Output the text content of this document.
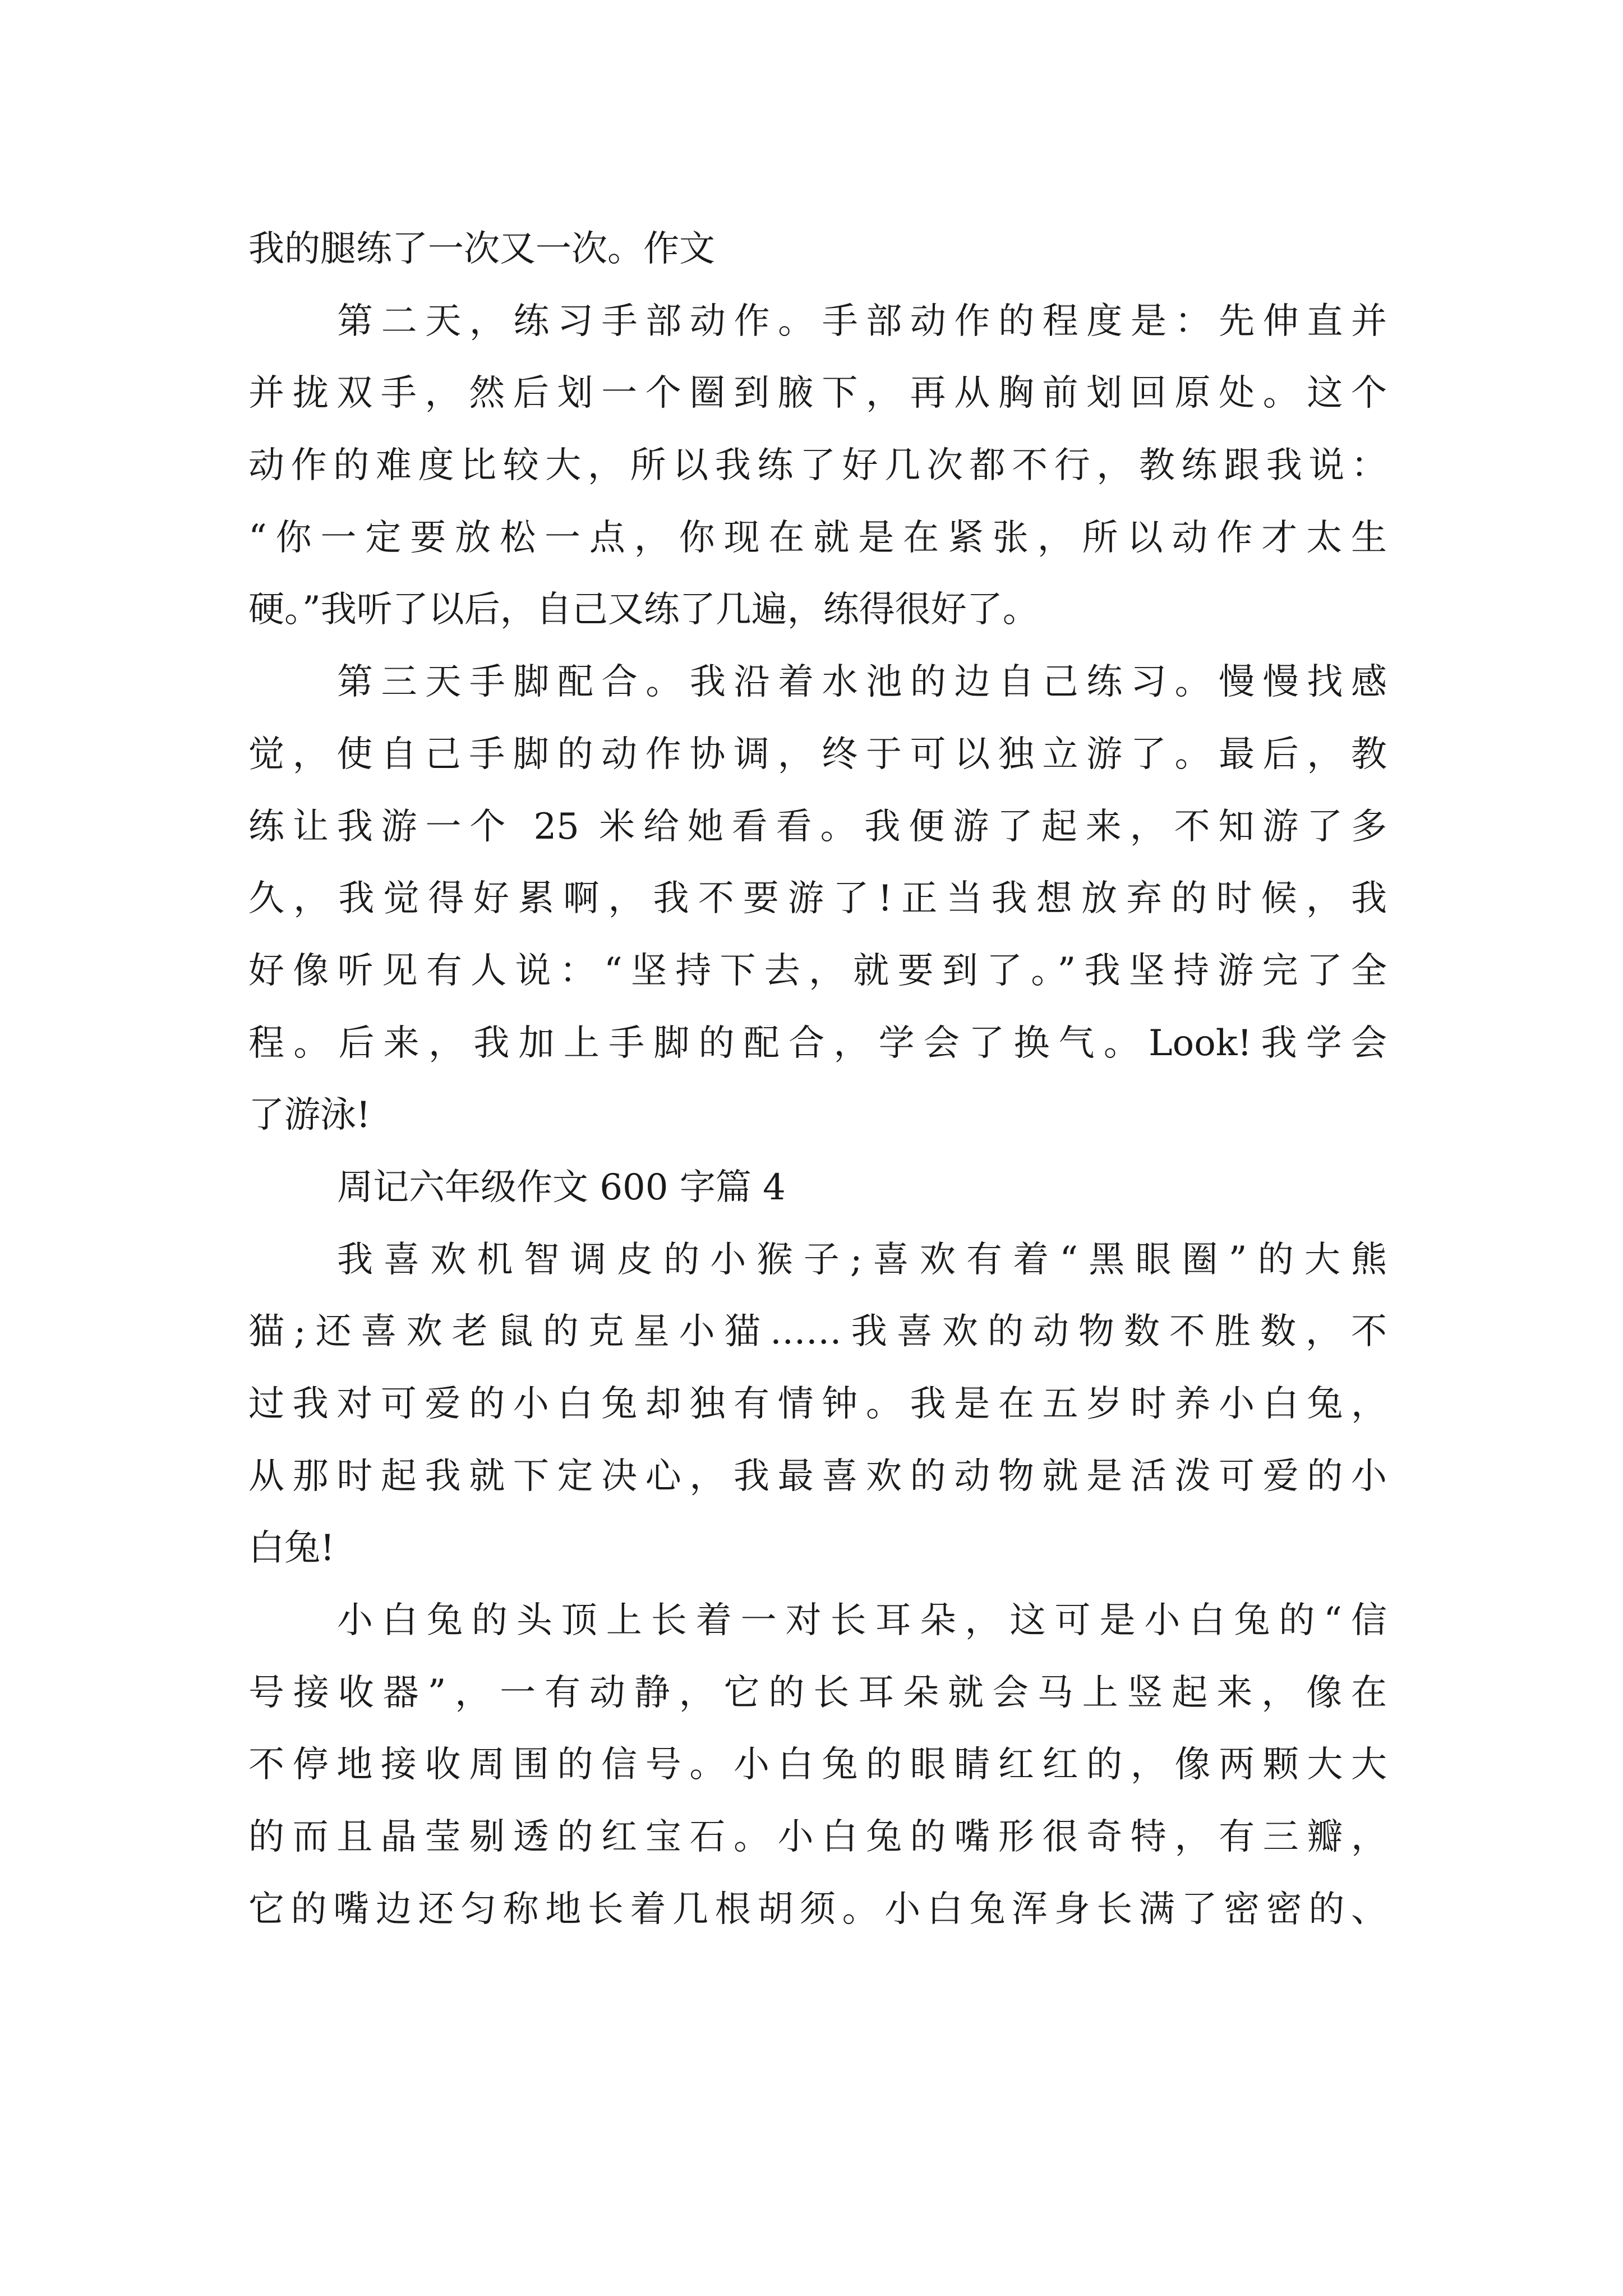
我的腿练了一次又一次。作文
第二天，练习手部动作。手部动作的程度是：先伸直并
并拢双手，然后划一个圈到腋下，再从胸前划回原处。这个
动作的难度比较大，所以我练了好几次都不行，教练跟我说：
“你一定要放松一点，你现在就是在紧张，所以动作才太生
硬。”我听了以后，自己又练了几遍，练得很好了。
第三天手脚配合。我沿着水池的边自己练习。慢慢找感
觉，使自己手脚的动作协调，终于可以独立游了。最后，教
练让我游一个 25 米给她看看。我便游了起来，不知游了多
久，我觉得好累啊，我不要游了!正当我想放弃的时候，我
好像听见有人说：“坚持下去，就要到了。”我坚持游完了全
程。后来，我加上手脚的配合，学会了换气。Look!我学会
了游泳!
周记六年级作文 600 字篇 4
我喜欢机智调皮的小猴子;喜欢有着“黑眼圈”的大熊
猫;还喜欢老鼠的克星小猫……我喜欢的动物数不胜数，不
过我对可爱的小白兔却独有情钟。我是在五岁时养小白兔，
从那时起我就下定决心，我最喜欢的动物就是活泼可爱的小
白兔!
小白兔的头顶上长着一对长耳朵，这可是小白兔的“信
号接收器”，一有动静，它的长耳朵就会马上竖起来，像在
不停地接收周围的信号。小白兔的眼睛红红的，像两颗大大
的而且晶莹剔透的红宝石。小白兔的嘴形很奇特，有三瓣，
它的嘴边还匀称地长着几根胡须。小白兔浑身长满了密密的、
